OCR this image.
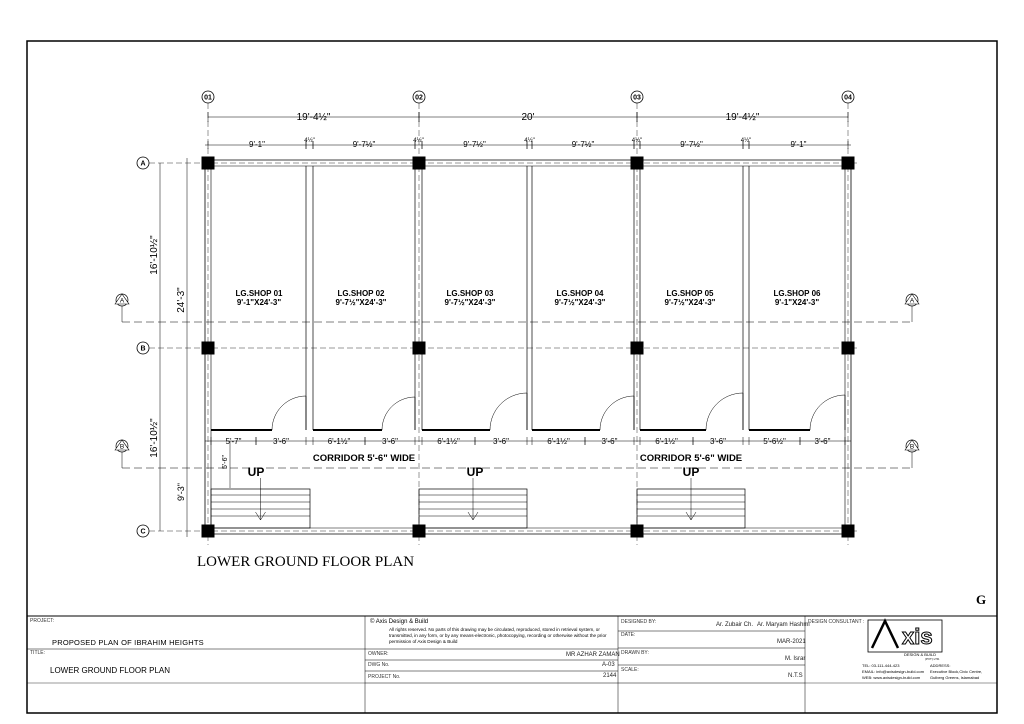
01	02	03	04
A
B
C
A	A
B	B
19'-4½"	20'	19'-4½"
9'-1"	4½"	9'-7½"	4½"	9'-7½"	4½"	9'-7½"	4½"	9'-7½"	4½"	9'-1"
24'-3"
16'-10½"
16'-10½"
9'-3"
LG.SHOP 01
9'-1"X24'-3"
LG.SHOP 02
9'-7½"X24'-3"
LG.SHOP 03
9'-7½"X24'-3"
LG.SHOP 04
9'-7½"X24'-3"
LG.SHOP 05
9'-7½"X24'-3"
LG.SHOP 06
9'-1"X24'-3"
5'-7"	3'-6"	6'-1½"	3'-6"	6'-1½"	3'-6"	6'-1½"	3'-6"	6'-1½"	3'-6"	5'-6½"	3'-6"
CORRIDOR 5'-6" WIDE	CORRIDOR 5'-6" WIDE
5'-6"
UP	UP	UP
LOWER GROUND FLOOR PLAN
G
xis
PROJECT:
PROPOSED PLAN OF IBRAHIM HEIGHTS
TITLE:
LOWER GROUND FLOOR PLAN
© Axis Design & Build
All rights reserved. No parts of this drawing may be circulated, reproduced, stored in retrieval system, or transmitted, in any form, or by any means-electronic, photocopying, recording or otherwise without the prior permission of Axis Design & Build
OWNER:	MR AZHAR ZAMAN
DWG No.	A-03
PROJECT No.	2144
DESIGNED BY:	Ar. Zubair Ch. Ar. Maryam Hashmi
DATE:
MAR-2021
DRAWN BY:
M. Israr
SCALE:
N.T.S
DESIGN CONSULTANT :
DESIGN & BUILD
(PVT) LTD.
TEL: 03-111-444-423
EMAIL: info@axisdesign-build.com
WEB: www.axisdesign-build.com
ADDRESS:
Executive Block,Civic Centre,
Gulberg Greens, Islamabad
